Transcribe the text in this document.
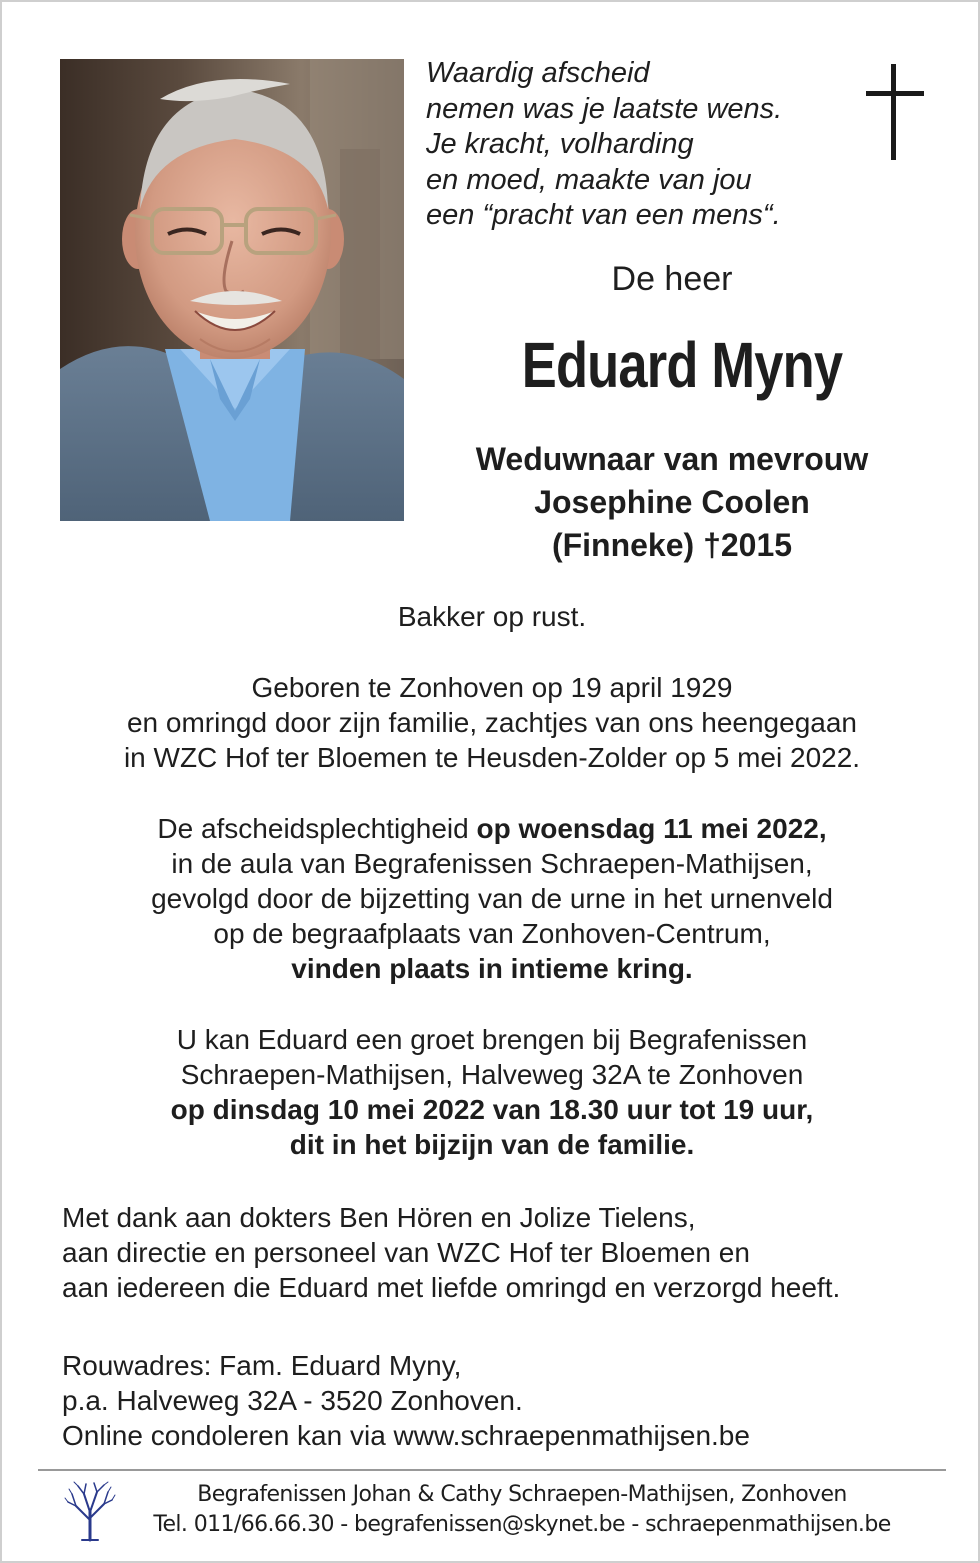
Waardig afscheid
nemen was je laatste wens.
Je kracht, volharding
en moed, maakte van jou
een “pracht van een mens“.
De heer
Eduard Myny
Weduwnaar van mevrouw
Josephine Coolen
(Finneke) †2015
Bakker op rust.
Geboren te Zonhoven op 19 april 1929
en omringd door zijn familie, zachtjes van ons heengegaan
in WZC Hof ter Bloemen te Heusden-Zolder op 5 mei 2022.
De afscheidsplechtigheid op woensdag 11 mei 2022,
in de aula van Begrafenissen Schraepen-Mathijsen,
gevolgd door de bijzetting van de urne in het urnenveld
op de begraafplaats van Zonhoven-Centrum,
vinden plaats in intieme kring.
U kan Eduard een groet brengen bij Begrafenissen
Schraepen-Mathijsen, Halveweg 32A te Zonhoven
op dinsdag 10 mei 2022 van 18.30 uur tot 19 uur,
dit in het bijzijn van de familie.
Met dank aan dokters Ben Hören en Jolize Tielens,
aan directie en personeel van WZC Hof ter Bloemen en
aan iedereen die Eduard met liefde omringd en verzorgd heeft.
Rouwadres: Fam. Eduard Myny,
p.a. Halveweg 32A - 3520 Zonhoven.
Online condoleren kan via www.schraepenmathijsen.be
Begrafenissen Johan & Cathy Schraepen-Mathijsen, Zonhoven
Tel. 011/66.66.30 - begrafenissen@skynet.be - schraepenmathijsen.be
